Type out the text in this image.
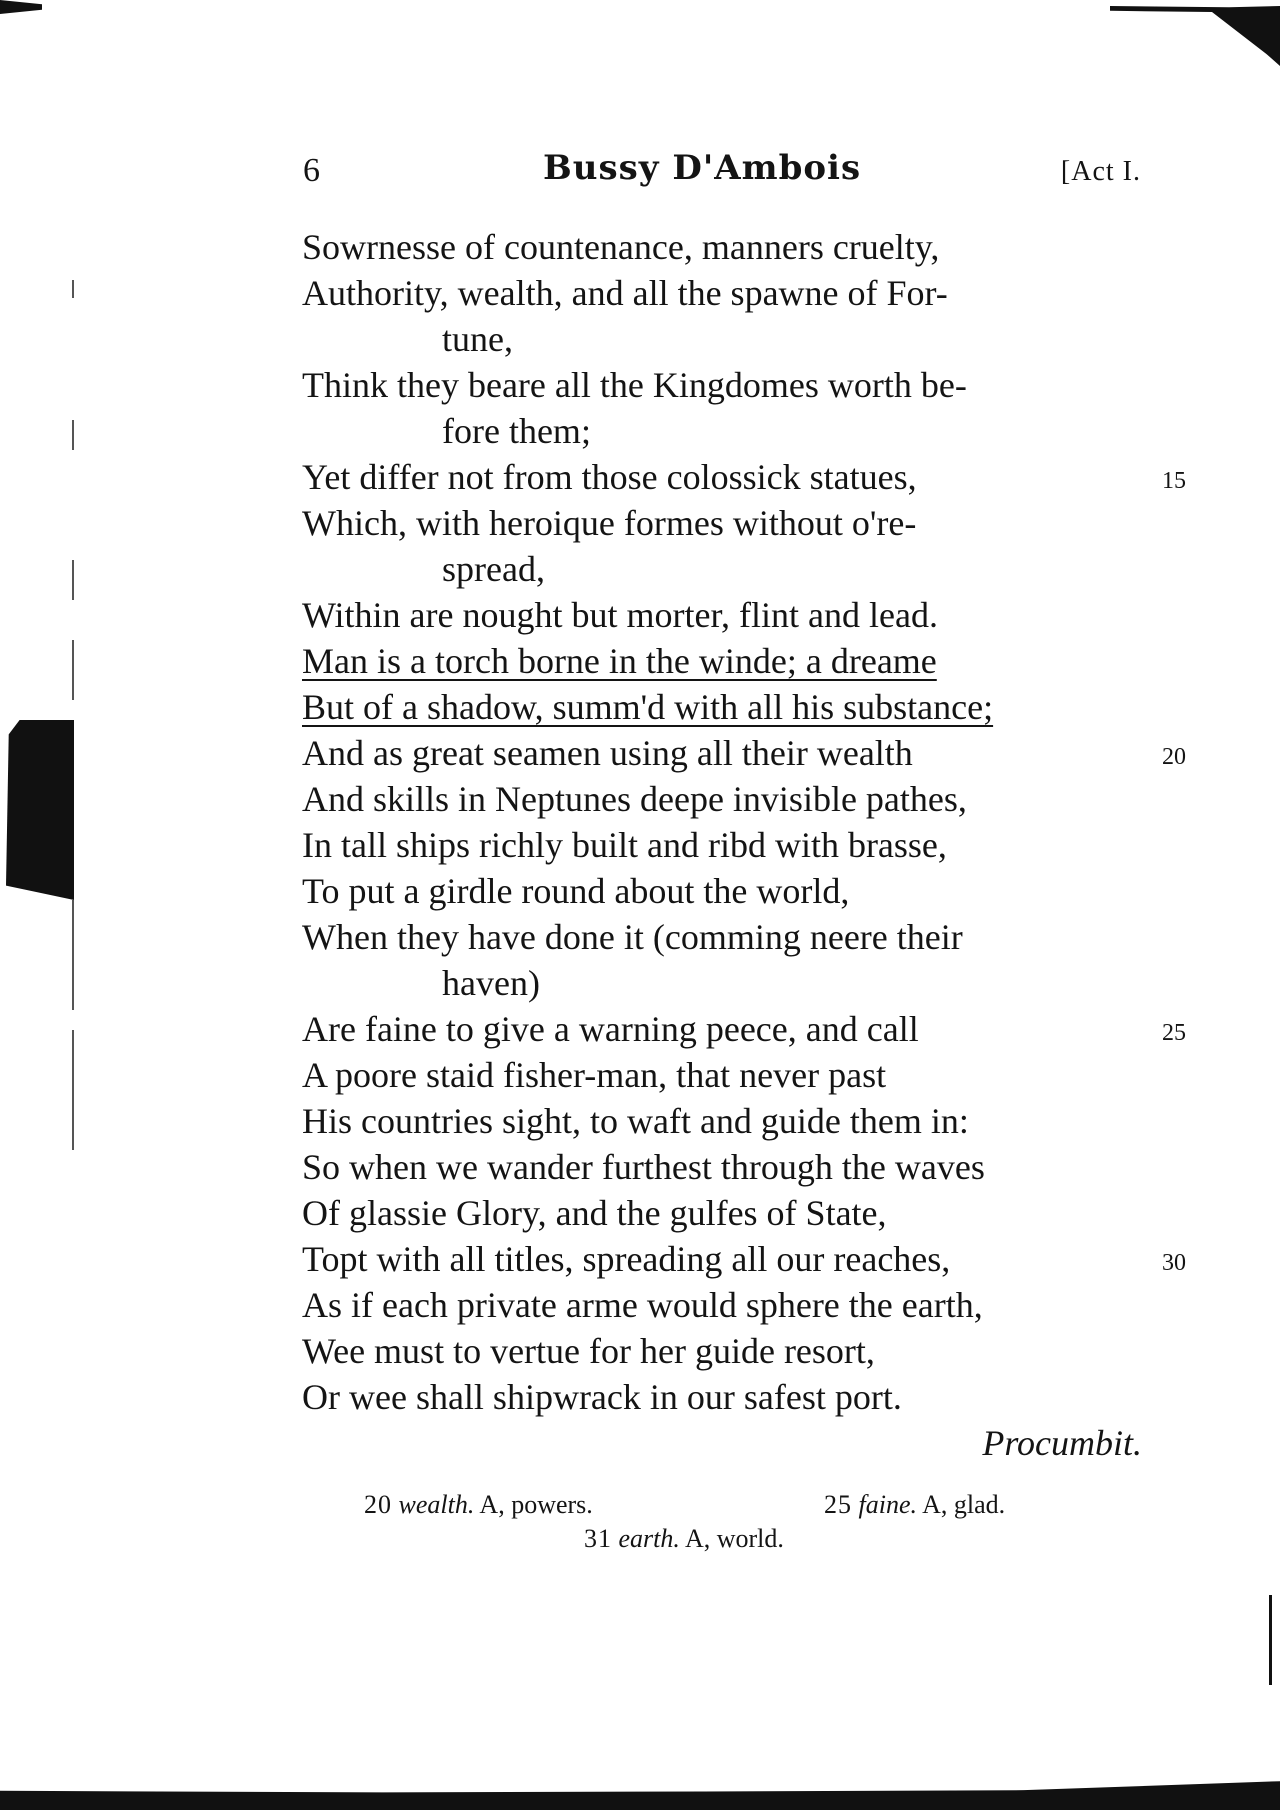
6	Bussy D'Ambois	[Act I.
Sowrnesse of countenance, manners cruelty,
Authority, wealth, and all the spawne of For-
tune,
Think they beare all the Kingdomes worth be-
fore them;
Yet differ not from those colossick statues,	15
Which, with heroique formes without o're-
spread,
Within are nought but morter, flint and lead.
Man is a torch borne in the winde; a dreame
But of a shadow, summ'd with all his substance;
And as great seamen using all their wealth	20
And skills in Neptunes deepe invisible pathes,
In tall ships richly built and ribd with brasse,
To put a girdle round about the world,
When they have done it (comming neere their
haven)
Are faine to give a warning peece, and call	25
A poore staid fisher-man, that never past
His countries sight, to waft and guide them in:
So when we wander furthest through the waves
Of glassie Glory, and the gulfes of State,
Topt with all titles, spreading all our reaches,	30
As if each private arme would sphere the earth,
Wee must to vertue for her guide resort,
Or wee shall shipwrack in our safest port.
Procumbit.
20 wealth. A, powers.	25 faine. A, glad.
31 earth. A, world.
